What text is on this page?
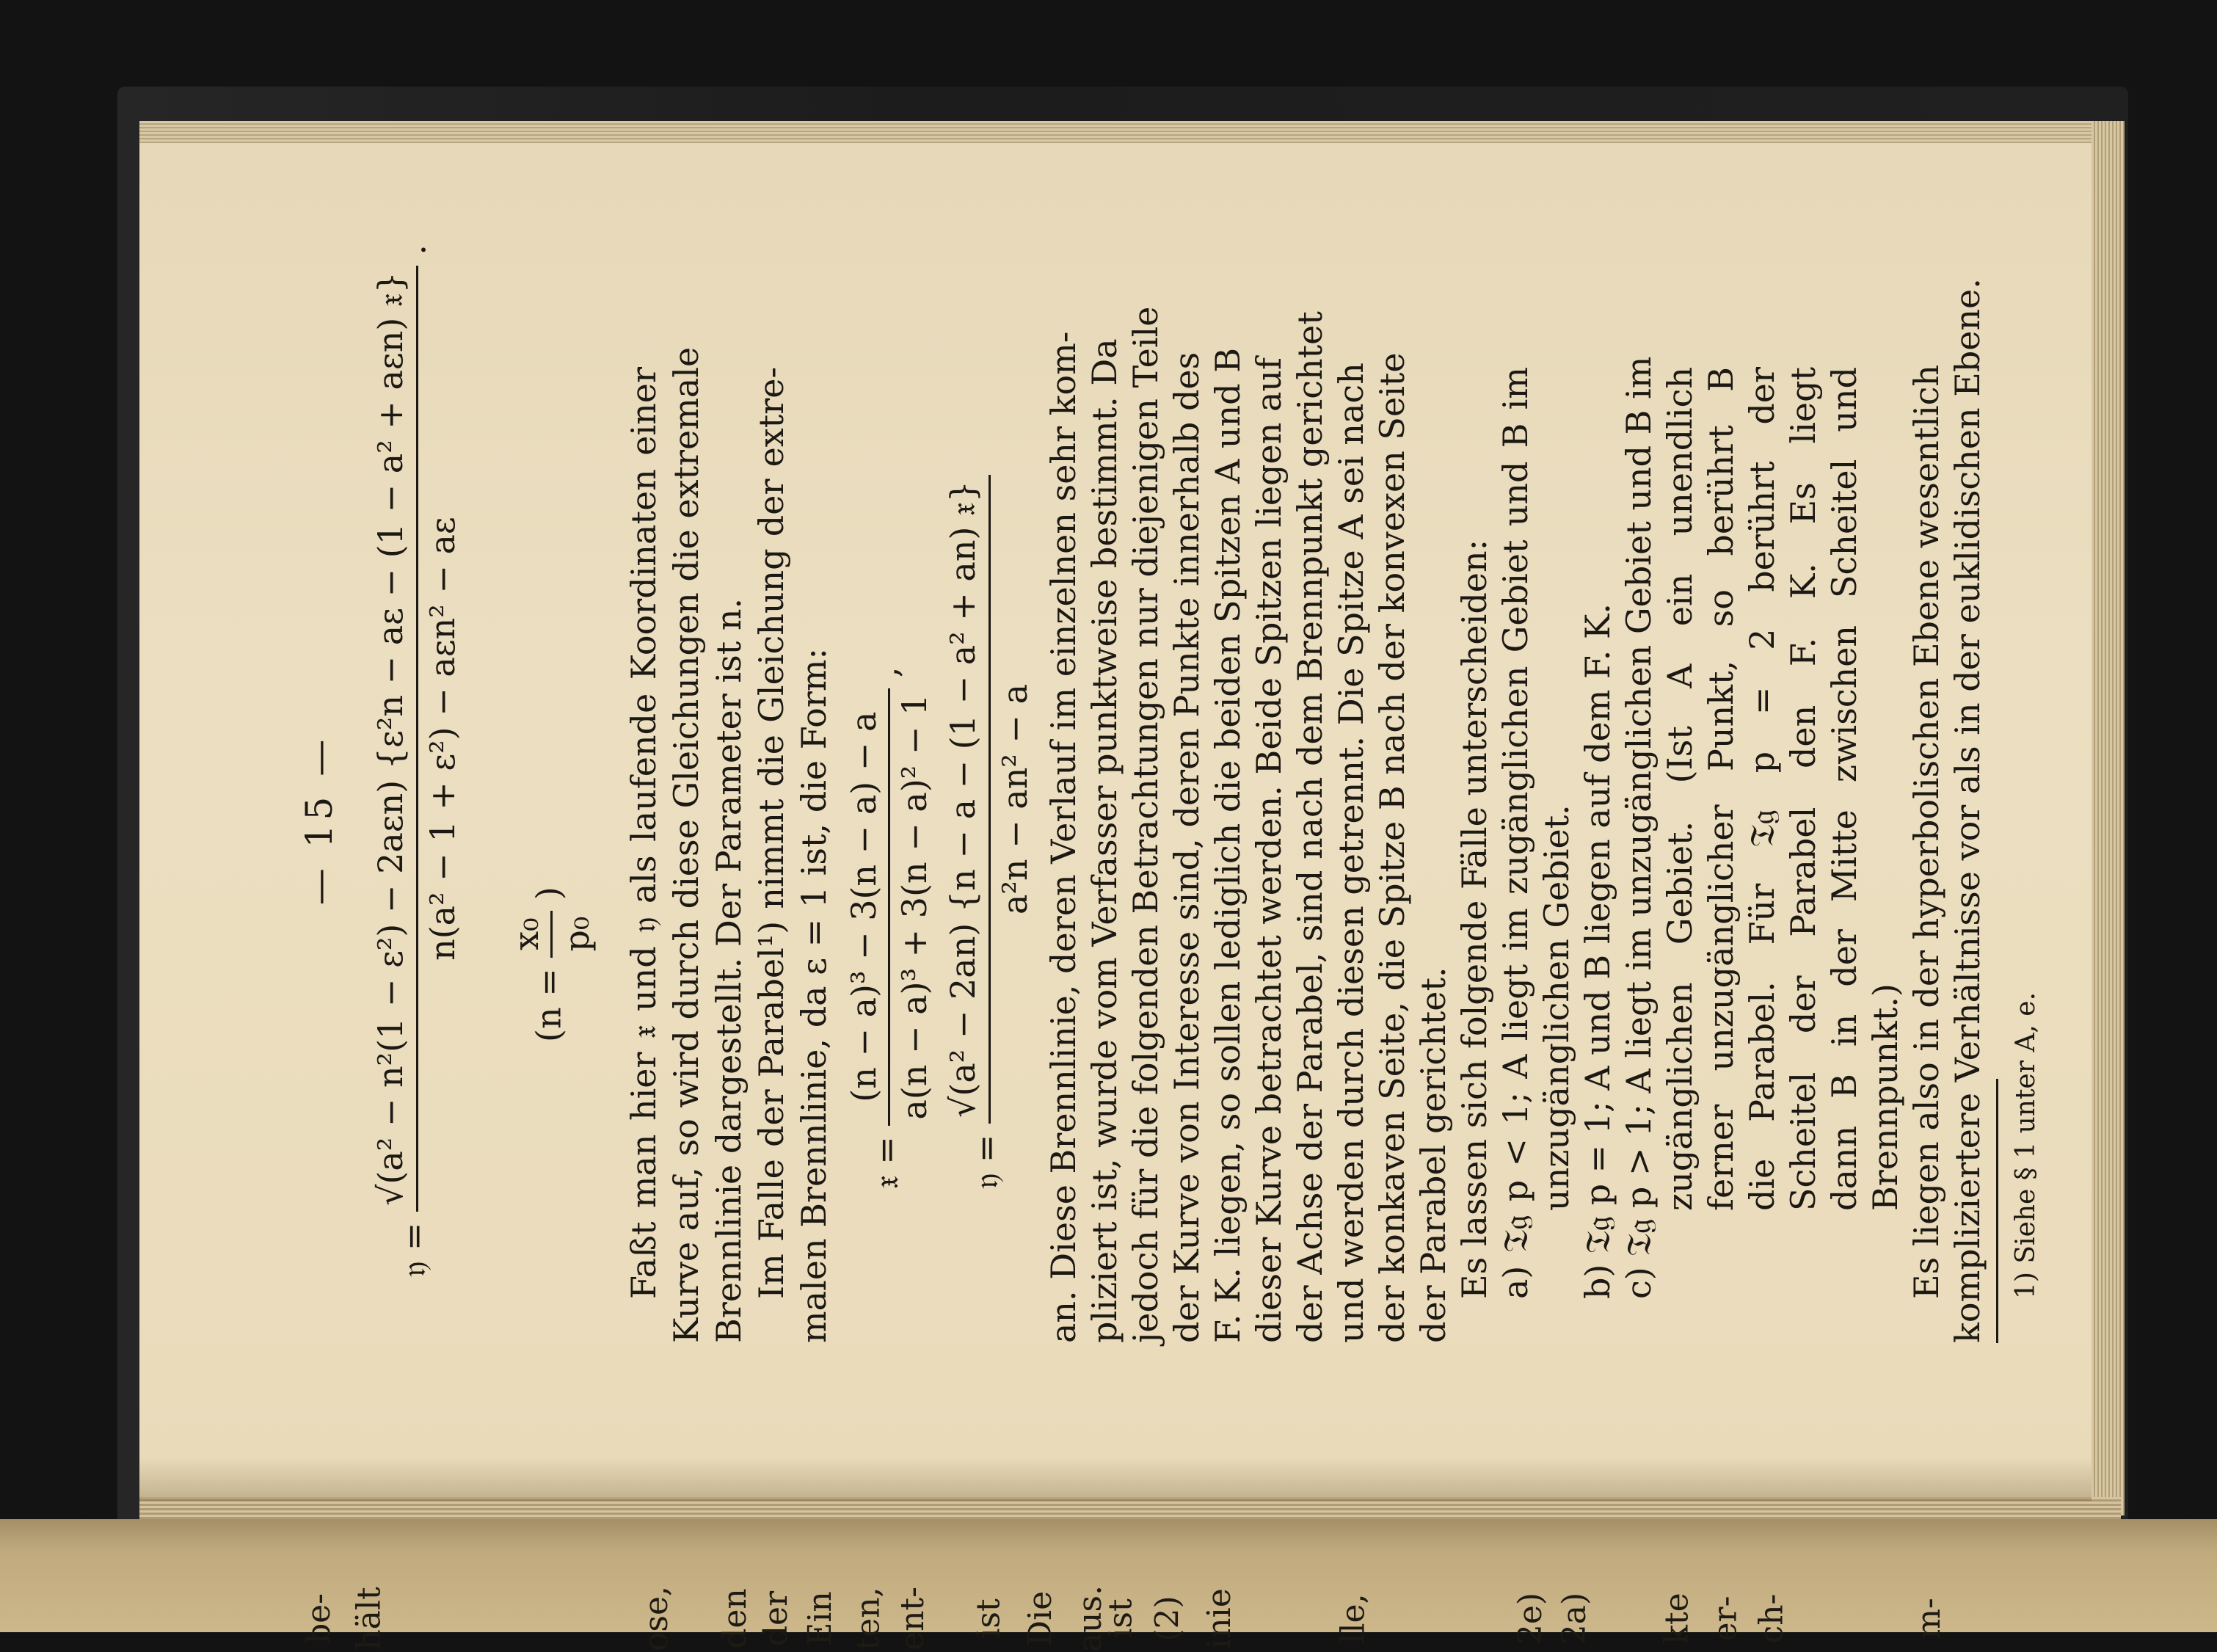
be- hält	ose, den der Ein ten, ent- ist Die aus.
ist (2) inie	lle,	2e) 2a) kte er- ch-	m-
— 15 —
𝔶 =
√(a² − n²(1 − ε²) − 2aεn) {ε²n − aε − (1 − a² + aεn) 𝔵} n(a² − 1 + ε²) − aεn² − aε
.
(n =
x₀ p₀
)	Faßt man hier 𝔵 und 𝔶 als laufende Koordinaten einer Kurve auf, so wird durch diese Gleichungen die extremale Brennlinie dargestellt. Der Parameter ist n. Im Falle der Parabel¹) nimmt die Gleichung der extre- malen Brennlinie, da ε = 1 ist, die Form: 𝔵 =
(n − a)³ − 3(n − a) − a a(n − a)³ + 3(n − a)² − 1
,
𝔶 =
√(a² − 2an) {n − a − (1 − a² + an) 𝔵} a²n − an² − a an. Diese Brennlinie, deren Verlauf im einzelnen sehr kom- pliziert ist, wurde vom Verfasser punktweise bestimmt. Da jedoch für die folgenden Betrachtungen nur diejenigen Teile der Kurve von Interesse sind, deren Punkte innerhalb des F. K. liegen, so sollen lediglich die beiden Spitzen A und B dieser Kurve betrachtet werden. Beide Spitzen liegen auf der Achse der Parabel, sind nach dem Brennpunkt gerichtet und werden durch diesen getrennt. Die Spitze A sei nach der konkaven Seite, die Spitze B nach der konvexen Seite der Parabel gerichtet. Es lassen sich folgende Fälle unterscheiden: a) 𝔗𝔤 p < 1; A liegt im zugänglichen Gebiet und B im unzugänglichen Gebiet. b) 𝔗𝔤 p = 1; A und B liegen auf dem F. K. c) 𝔗𝔤 p > 1; A liegt im unzugänglichen Gebiet und B im zugänglichen Gebiet. (Ist A ein unendlich ferner unzugänglicher Punkt, so berührt B die Parabel. Für 𝔗𝔤 p = 2 berührt der Scheitel der Parabel den F. K. Es liegt dann B in der Mitte zwischen Scheitel und Brennpunkt.) Es liegen also in der hyperbolischen Ebene wesentlich kompliziertere Verhältnisse vor als in der euklidischen Ebene. 1) Siehe § 1 unter A, e.
